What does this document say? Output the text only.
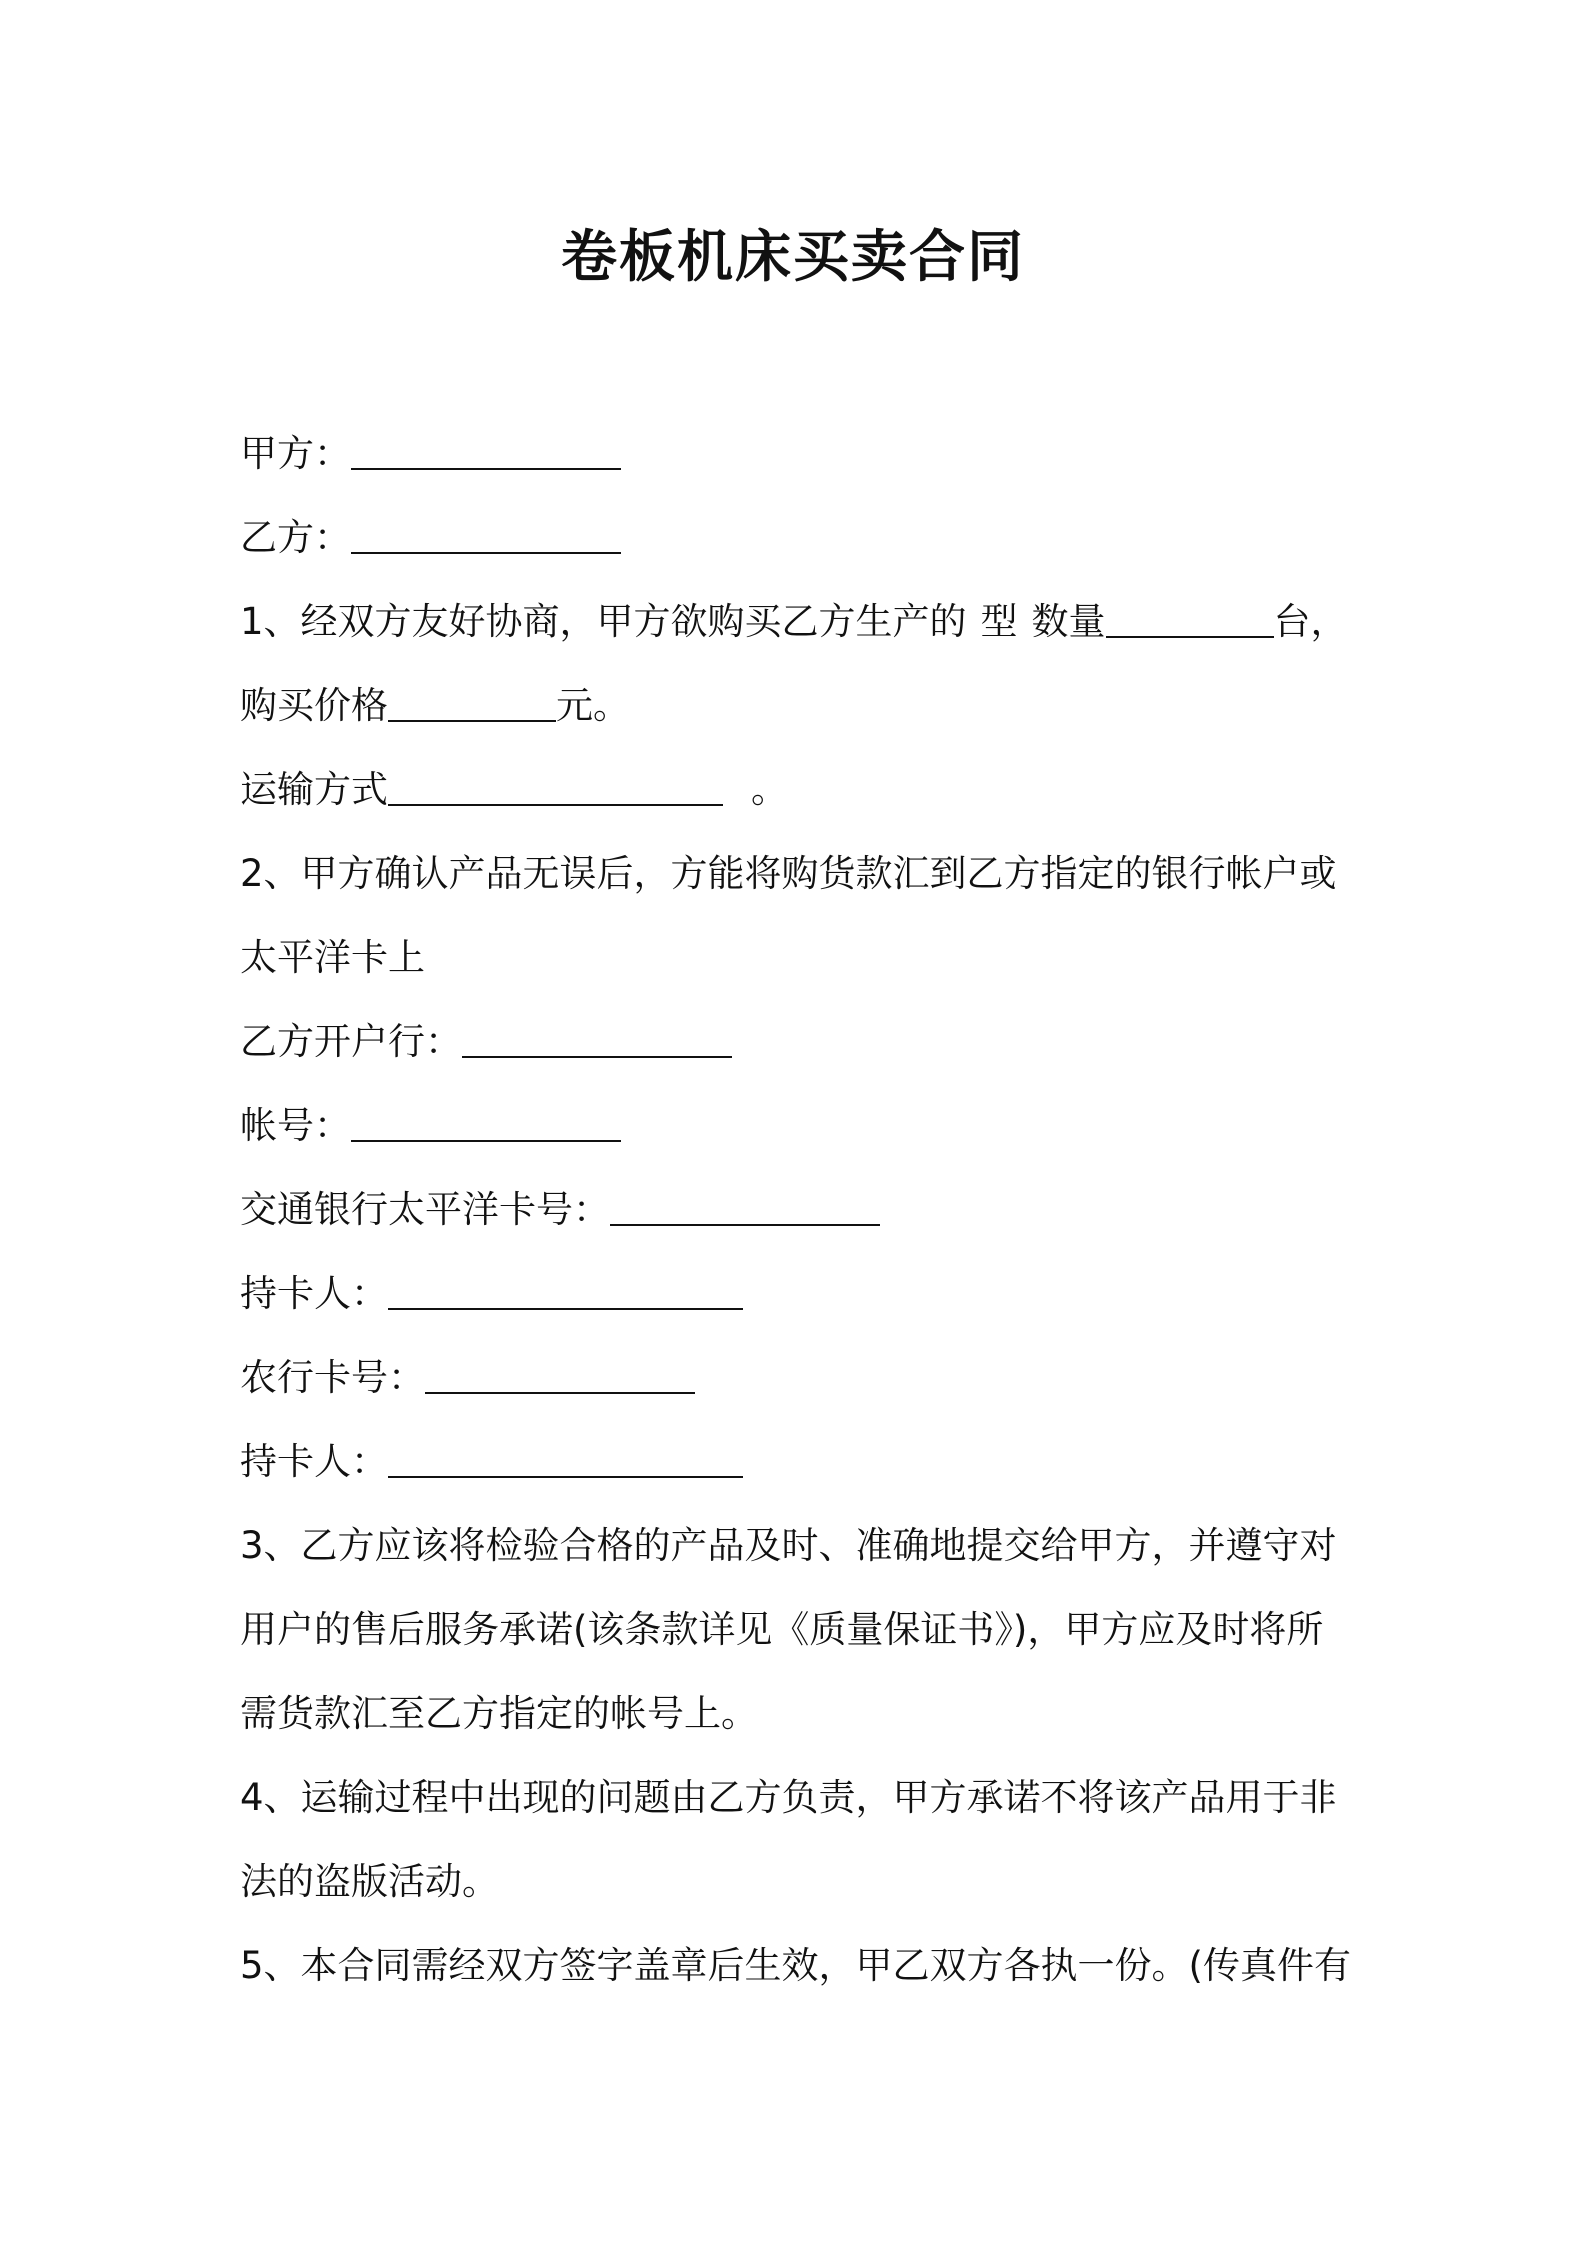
卷板机床买卖合同
甲方：
乙方：
1、经双方友好协商，甲方欲购买乙方生产的 型 数量	台，
购买价格	元。
运输方式	。
2、甲方确认产品无误后，方能将购货款汇到乙方指定的银行帐户或
太平洋卡上
乙方开户行：
帐号：
交通银行太平洋卡号：
持卡人：
农行卡号：
持卡人：
3、乙方应该将检验合格的产品及时、准确地提交给甲方，并遵守对
用户的售后服务承诺(该条款详见《质量保证书》)，甲方应及时将所
需货款汇至乙方指定的帐号上。
4、运输过程中出现的问题由乙方负责，甲方承诺不将该产品用于非
法的盗版活动。
5、本合同需经双方签字盖章后生效，甲乙双方各执一份。(传真件有
